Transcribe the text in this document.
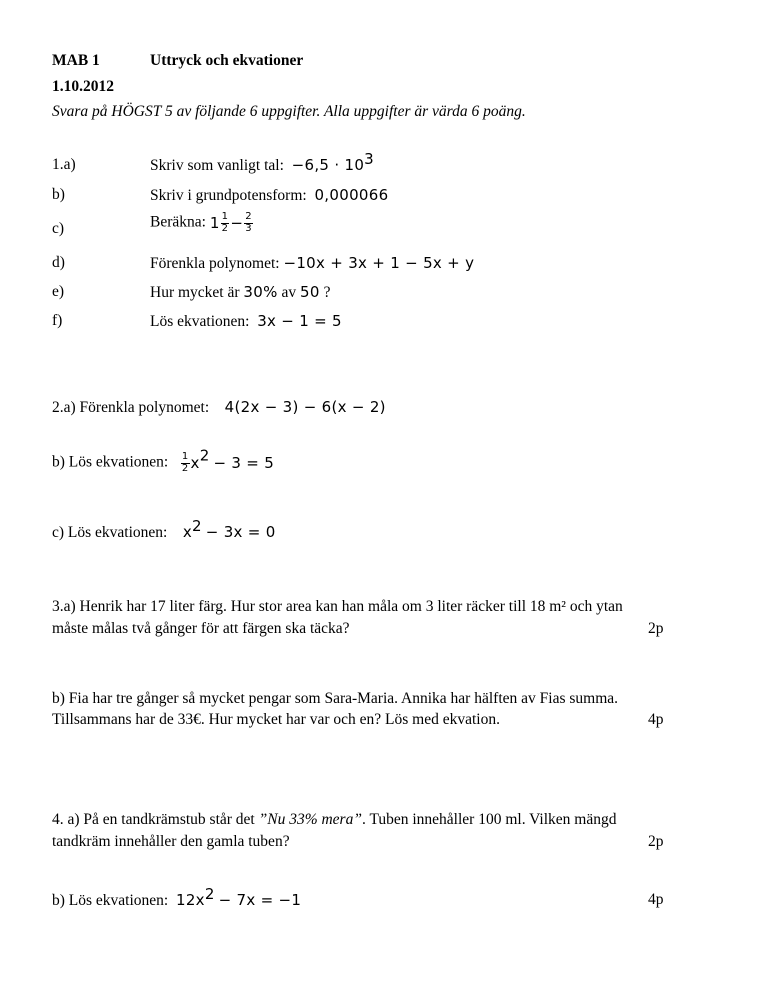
MAB 1	Uttryck och ekvationer
1.10.2012
Svara på HÖGST 5 av följande 6 uppgifter. Alla uppgifter är värda 6 poäng.
1.a)	Skriv som vanligt tal: $-6,5 \cdot 10^3$
b)	Skriv i grundpotensform: 0,000066
c)	Beräkna: $1 \frac{1}{2} - \frac{2}{3}$
d)	Förenkla polynomet: −10x + 3x + 1 − 5x + y
e)	Hur mycket är 30% av 50 ?
f)	Lös ekvationen: 3x − 1 = 5
2.a) Förenkla polynomet: 4(2x − 3) − 6(x − 2)
b) Lös ekvationen: $\frac{1}{2} x^2 - 3 = 5$
c) Lös ekvationen: $x^2 - 3x = 0$
3.a) Henrik har 17 liter färg. Hur stor area kan han måla om 3 liter räcker till 18 m² och ytan
måste målas två gånger för att färgen ska täcka?	2p
b) Fia har tre gånger så mycket pengar som Sara-Maria. Annika har hälften av Fias summa.
Tillsammans har de 33€. Hur mycket har var och en? Lös med ekvation.	4p
4. a) På en tandkrämstub står det ”Nu 33% mera”. Tuben innehåller 100 ml. Vilken mängd
tandkräm innehåller den gamla tuben?	2p
b) Lös ekvationen: $12x^2 - 7x = -1$	4p
